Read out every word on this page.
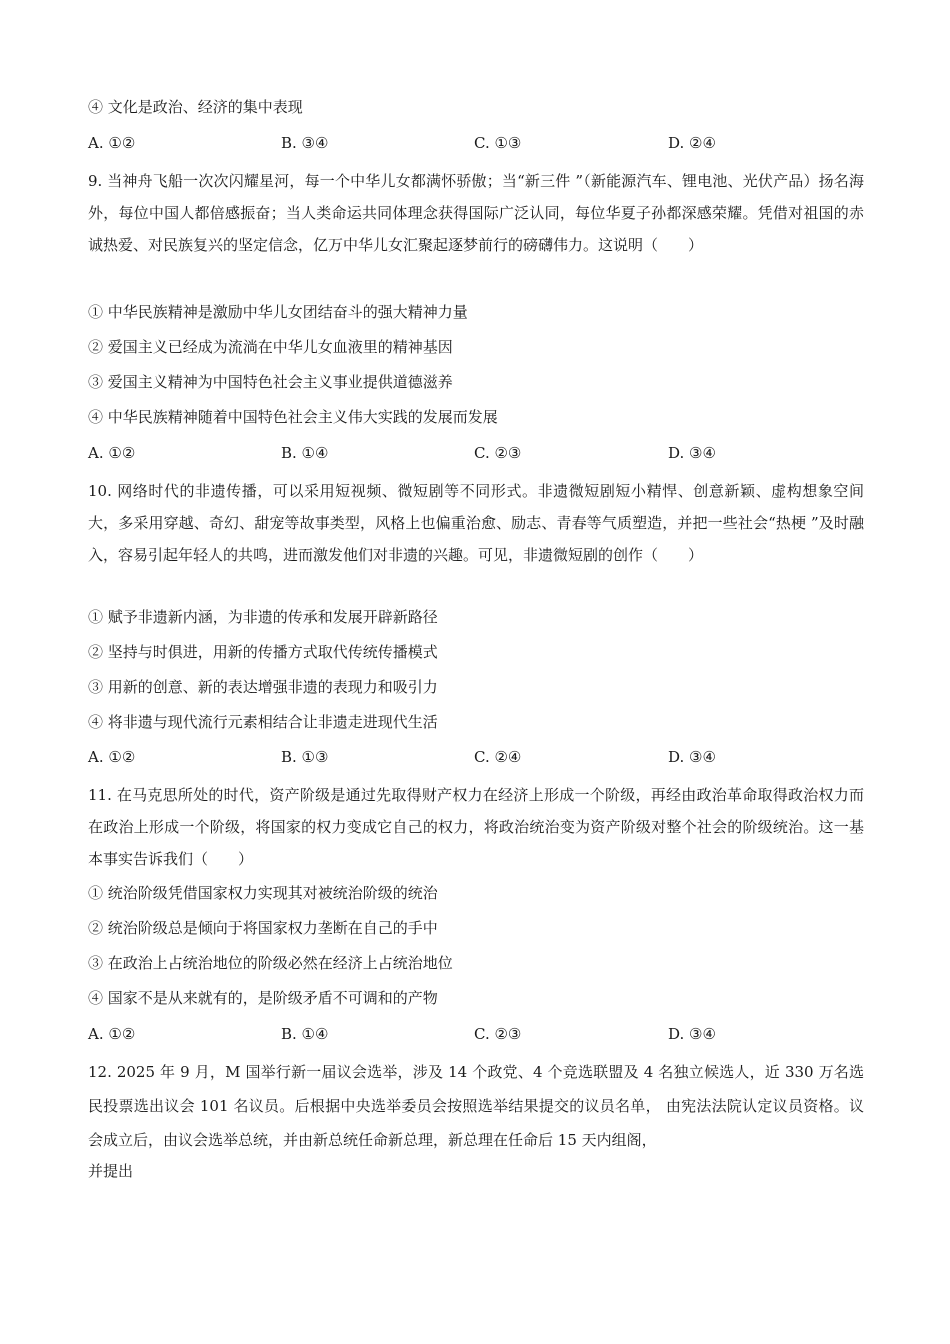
④ 文化是政治、经济的集中表现
A. ①②	B. ③④	C. ①③	D. ②④
9. 当神舟飞船一次次闪耀星河，每一个中华儿女都满怀骄傲；当“新三件 ”（新能源汽车、锂电池、光伏产品）扬名海外，每位中国人都倍感振奋；当人类命运共同体理念获得国际广泛认同，每位华夏子孙都深感荣耀。凭借对祖国的赤诚热爱、对民族复兴的坚定信念，亿万中华儿女汇聚起逐梦前行的磅礴伟力。这说明（　　）
① 中华民族精神是激励中华儿女团结奋斗的强大精神力量
② 爱国主义已经成为流淌在中华儿女血液里的精神基因
③ 爱国主义精神为中国特色社会主义事业提供道德滋养
④ 中华民族精神随着中国特色社会主义伟大实践的发展而发展
A. ①②	B. ①④	C. ②③	D. ③④
10. 网络时代的非遗传播，可以采用短视频、微短剧等不同形式。非遗微短剧短小精悍、创意新颖、虚构想象空间大，多采用穿越、奇幻、甜宠等故事类型，风格上也偏重治愈、励志、青春等气质塑造，并把一些社会“热梗 ”及时融入，容易引起年轻人的共鸣，进而激发他们对非遗的兴趣。可见，非遗微短剧的创作（　　）
① 赋予非遗新内涵，为非遗的传承和发展开辟新路径
② 坚持与时俱进，用新的传播方式取代传统传播模式
③ 用新的创意、新的表达增强非遗的表现力和吸引力
④ 将非遗与现代流行元素相结合让非遗走进现代生活
A. ①②	B. ①③	C. ②④	D. ③④
11. 在马克思所处的时代，资产阶级是通过先取得财产权力在经济上形成一个阶级，再经由政治革命取得政治权力而在政治上形成一个阶级，将国家的权力变成它自己的权力，将政治统治变为资产阶级对整个社会的阶级统治。这一基本事实告诉我们（　　）
① 统治阶级凭借国家权力实现其对被统治阶级的统治
② 统治阶级总是倾向于将国家权力垄断在自己的手中
③ 在政治上占统治地位的阶级必然在经济上占统治地位
④ 国家不是从来就有的，是阶级矛盾不可调和的产物
A. ①②	B. ①④	C. ②③	D. ③④
12. 2025 年 9 月，M 国举行新一届议会选举，涉及 14 个政党、4 个竞选联盟及 4 名独立候选人，近 330 万名选民投票选出议会 101 名议员。后根据中央选举委员会按照选举结果提交的议员名单， 由宪法法院认定议员资格。议会成立后，由议会选举总统，并由新总统任命新总理，新总理在任命后 15 天内组阁，
并提出
